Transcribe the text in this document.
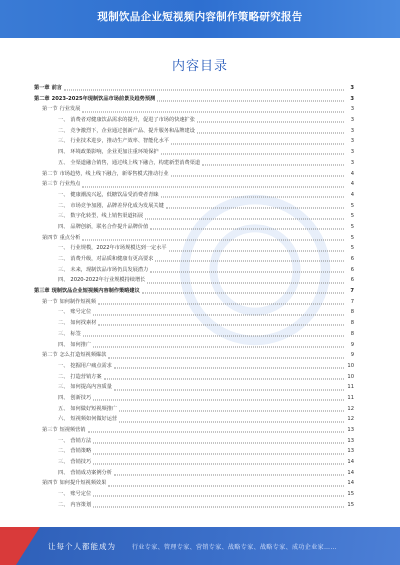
现制饮品企业短视频内容制作策略研究报告
内容目录
第一章 前言	3
第二章 2023-2025年现制饮品市场前景及趋势预测	3
第一节 行业发展	3
一、 消费者对健康饮品需求的提升，促进了市场的快速扩张	3
二、 竞争激烈下，企业通过创新产品、提升服务和品牌建设	3
三、 行业技术进步，推动生产效率、智能化水平	3
四、 环境政策影响，企业更加注重环境保护	3
五、 全渠道融合销售，通过线上线下融合，构建新型消费渠道	3
第二节 市场趋势，线上线下融合，新零售模式推动行业	4
第三节 行业热点	4
一、 健康潮流兴起，低糖饮品受消费者青睐	4
二、 市场竞争加剧，品牌差异化成为发展关键	5
三、 数字化转型，线上销售渠道拓展	5
四、 品牌创新，联名合作提升品牌价值	5
第四节 重点分析	5
一、 行业规模，2022年市场规模达到一定水平	5
二、 消费升级，对品质和健康有更高要求	6
三、 未来，现制饮品市场仍具发展潜力	6
四、 2020-2022年行业规模持续增长	6
第三章 现制饮品企业短视频内容制作策略建议	7
第一节 如何制作短视频	7
一、 账号定位	8
二、 如何找素材	8
三、 标签	8
四、 如何推广	9
第二节 怎么打造短视频爆款	9
一、 挖掘用户痛点需求	10
二、 打造营销方案	10
三、 如何提高内容质量	11
四、 创新技巧	11
五、 如何做好短视频推广	12
六、 短视频如何做好运营	12
第三节 短视频营销	13
一、 营销方法	13
二、 营销策略	13
三、 营销技巧	14
四、 营销成功案例分析	14
第四节 如何提升短视频效果	14
一、 账号定位	15
二、 内容策划	15
让每个人都能成为	行业专家、管理专家、营销专家、战略专家、战略专家、成功企业家……
